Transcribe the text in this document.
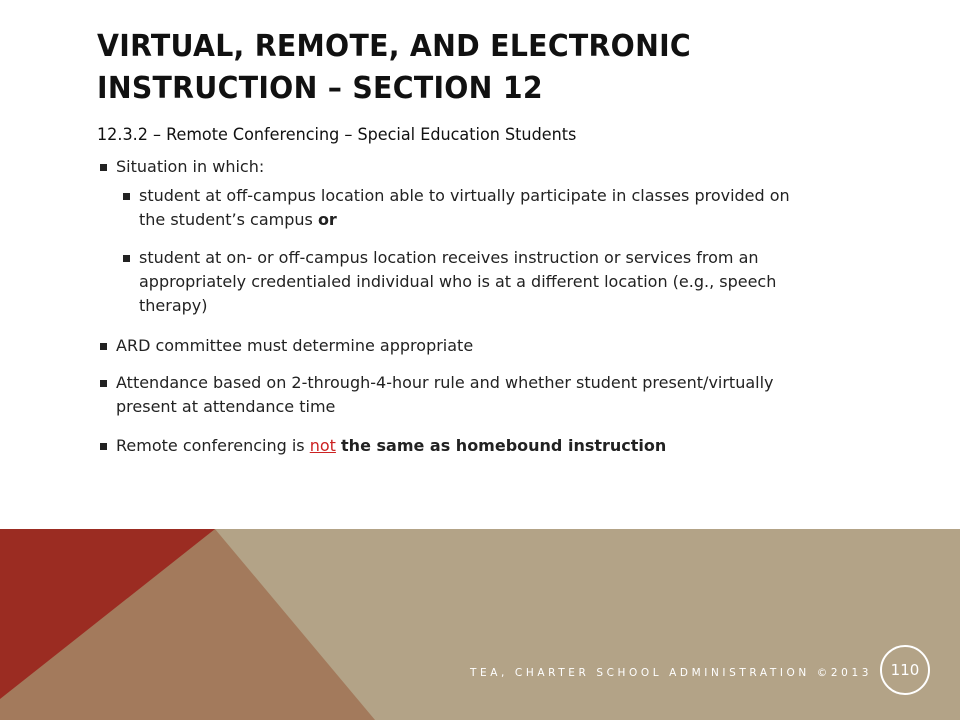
VIRTUAL, REMOTE, AND ELECTRONIC
INSTRUCTION – SECTION 12
12.3.2 – Remote Conferencing – Special Education Students
Situation in which:
student at off-campus location able to virtually participate in classes provided on
the student’s campus or
student at on- or off-campus location receives instruction or services from an
appropriately credentialed individual who is at a different location (e.g., speech
therapy)
ARD committee must determine appropriate
Attendance based on 2-through-4-hour rule and whether student present/virtually
present at attendance time
Remote conferencing is not the same as homebound instruction
TEA, CHARTER SCHOOL ADMINISTRATION ©2013 110
